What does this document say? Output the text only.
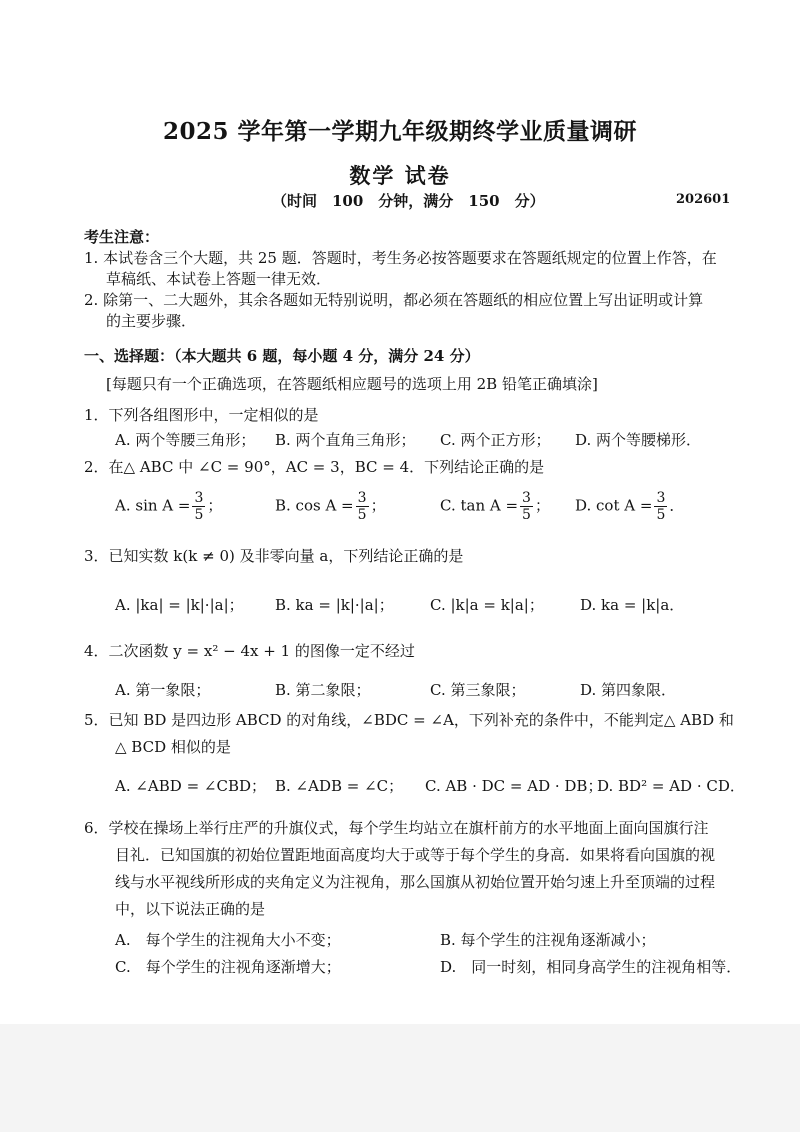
2025 学年第一学期九年级期终学业质量调研
数学 试卷
（时间　100　分钟，满分　150　分）	202601
考生注意：
1. 本试卷含三个大题，共 25 题．答题时，考生务必按答题要求在答题纸规定的位置上作答，在
草稿纸、本试卷上答题一律无效．
2. 除第一、二大题外，其余各题如无特别说明，都必须在答题纸的相应位置上写出证明或计算
的主要步骤．
一、选择题：（本大题共 6 题，每小题 4 分，满分 24 分）
[每题只有一个正确选项，在答题纸相应题号的选项上用 2B 铅笔正确填涂]
1．下列各组图形中，一定相似的是
A. 两个等腰三角形； B. 两个直角三角形； C. 两个正方形； D. 两个等腰梯形．
2．在△ ABC 中 ∠C = 90°，AC = 3，BC = 4．下列结论正确的是
A. $\sin A = \frac{3}{5}$ ；	B. $\cos A = \frac{3}{5}$ ；	C. $\tan A = \frac{3}{5}$ ； D. $\cot A = \frac{3}{5}$ ．
3．已知实数 k(k ≠ 0) 及非零向量 a，下列结论正确的是
A. |ka| = |k|·|a|； B. ka = |k|·|a|； C. |k|a = k|a|； D. ka = |k|a．
4．二次函数 y = x² − 4x + 1 的图像一定不经过
A. 第一象限；	B. 第二象限；	C. 第三象限；	D. 第四象限．
5．已知 BD 是四边形 ABCD 的对角线，∠BDC = ∠A，下列补充的条件中，不能判定△ ABD 和
△ BCD 相似的是
A. ∠ABD = ∠CBD； B. ∠ADB = ∠C； C. AB · DC = AD · DB；
D. BD² = AD · CD．
6．学校在操场上举行庄严的升旗仪式，每个学生均站立在旗杆前方的水平地面上面向国旗行注
目礼．已知国旗的初始位置距地面高度均大于或等于每个学生的身高．如果将看向国旗的视
线与水平视线所形成的夹角定义为注视角，那么国旗从初始位置开始匀速上升至顶端的过程
中，以下说法正确的是
A.　每个学生的注视角大小不变；	B. 每个学生的注视角逐渐减小；
C.　每个学生的注视角逐渐增大；	D.　同一时刻，相同身高学生的注视角相等．
